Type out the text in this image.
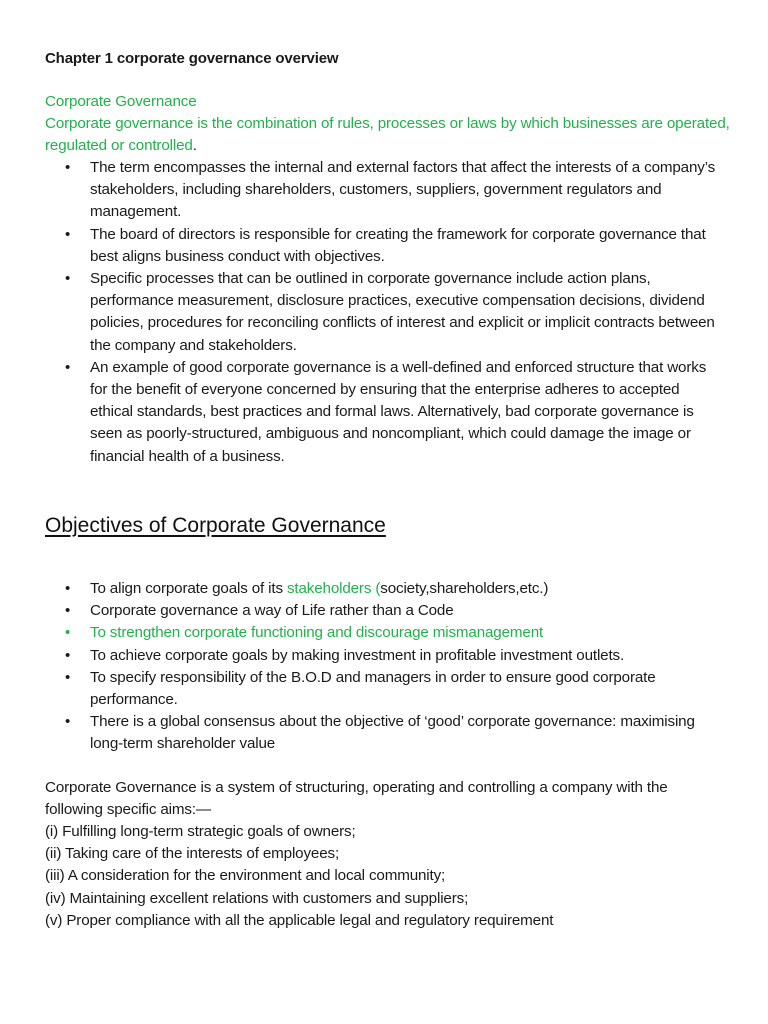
Chapter 1 corporate governance overview
Corporate Governance
Corporate governance is the combination of rules, processes or laws by which businesses are operated, regulated or controlled.
•	The term encompasses the internal and external factors that affect the interests of a company’s stakeholders, including shareholders, customers, suppliers, government regulators and management.
•	The board of directors is responsible for creating the framework for corporate governance that best aligns business conduct with objectives.
•	Specific processes that can be outlined in corporate governance include action plans, performance measurement, disclosure practices, executive compensation decisions, dividend policies, procedures for reconciling conflicts of interest and explicit or implicit contracts between the company and stakeholders.
•	An example of good corporate governance is a well-defined and enforced structure that works for the benefit of everyone concerned by ensuring that the enterprise adheres to accepted ethical standards, best practices and formal laws. Alternatively, bad corporate governance is seen as poorly-structured, ambiguous and noncompliant, which could damage the image or financial health of a business.
Objectives of Corporate Governance
•	To align corporate goals of its stakeholders (society,shareholders,etc.)
•	Corporate governance a way of Life rather than a Code
•	To strengthen corporate functioning and discourage mismanagement
•	To achieve corporate goals by making investment in profitable investment outlets.
•	To specify responsibility of the B.O.D and managers in order to ensure good corporate performance.
•	There is a global consensus about the objective of ‘good’ corporate governance: maximising long-term shareholder value
Corporate Governance is a system of structuring, operating and controlling a company with the following specific aims:—
(i) Fulfilling long-term strategic goals of owners;
(ii) Taking care of the interests of employees;
(iii) A consideration for the environment and local community;
(iv) Maintaining excellent relations with customers and suppliers;
(v) Proper compliance with all the applicable legal and regulatory requirement
